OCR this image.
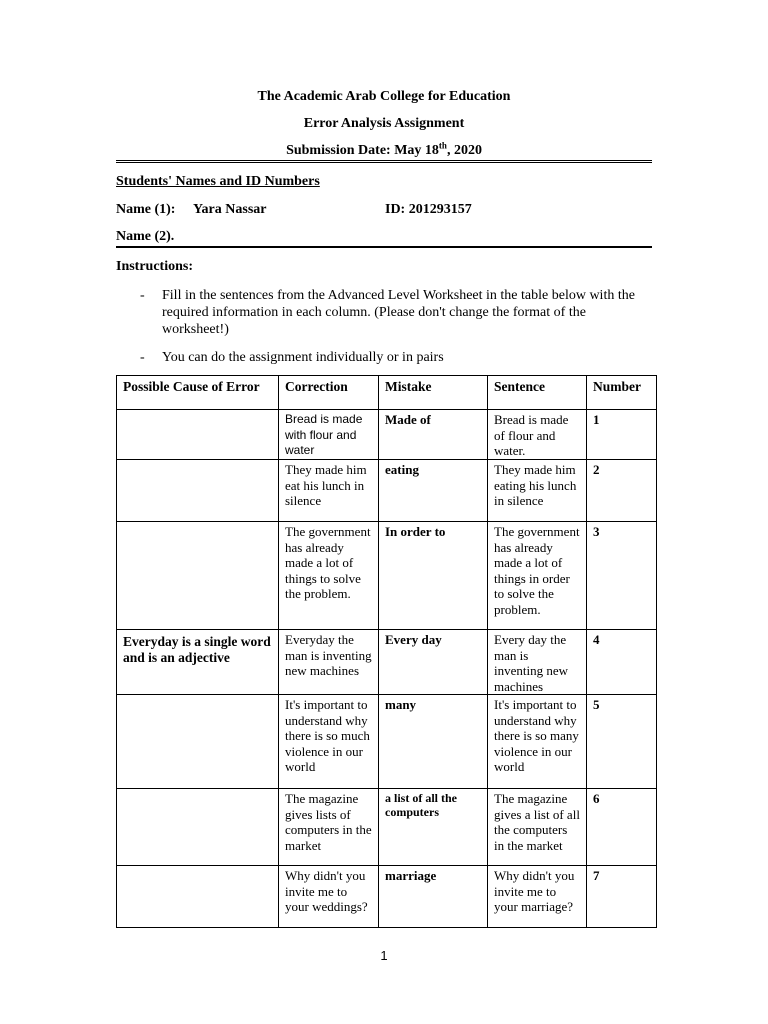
The Academic Arab College for Education
Error Analysis Assignment
Submission Date: May 18th, 2020
Students' Names and ID Numbers
Name (1): Yara Nassar	ID: 201293157
Name (2).
Instructions:
- Fill in the sentences from the Advanced Level Worksheet in the table below with the required information in each column. (Please don't change the format of the worksheet!)
- You can do the assignment individually or in pairs
Possible Cause of Error	Correction	Mistake	Sentence	Number
	Bread is made with flour and water	Made of	Bread is made of flour and water.	1
	They made him eat his lunch in silence	eating	They made him eating his lunch in silence	2
	The government has already made a lot of things to solve the problem.	In order to	The government has already made a lot of things in order to solve the problem.	3
Everyday is a single word and is an adjective	Everyday the man is inventing new machines	Every day	Every day the man is inventing new machines	4
	It's important to understand why there is so much violence in our world	many	It's important to understand why there is so many violence in our world	5
	The magazine gives lists of computers in the market	a list of all the computers	The magazine gives a list of all the computers in the market	6
	Why didn't you invite me to your weddings?	marriage	Why didn't you invite me to your marriage?	7
1
